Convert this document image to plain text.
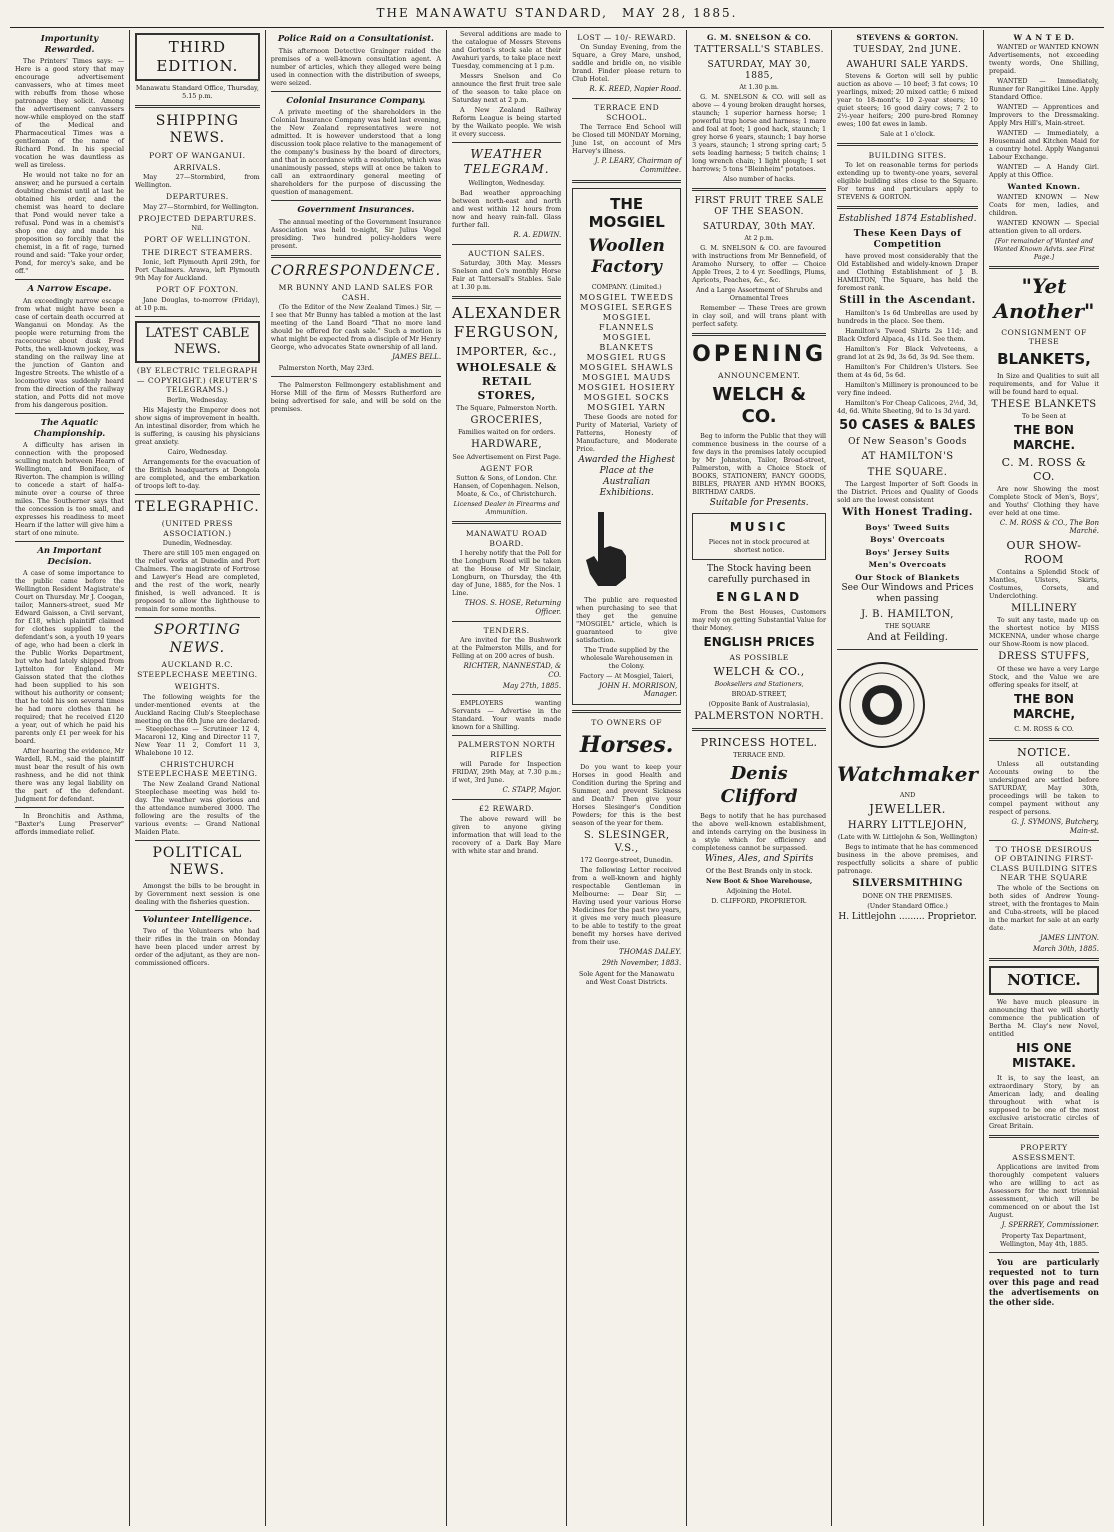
THE MANAWATU STANDARD, MAY 28, 1885.
Importunity Rewarded.

The Printers' Times says: — Here is a good story that may encourage advertisement canvassers, who at times meet with rebuffs from those whose patronage they solicit. Among the advertisement canvassers now-while employed on the staff of the Medical and Pharmaceutical Times was a gentleman of the name of Richard Pond. In his special vocation he was dauntless as well as tireless.

He would not take no for an answer, and he pursued a certain doubting chemist until at last he obtained his order, and the chemist was heard to declare that Pond would never take a refusal. Pond was in a chemist's shop one day and made his proposition so forcibly that the chemist, in a fit of rage, turned round and said: "Take your order, Pond, for mercy's sake, and be off."

A Narrow Escape.

An exceedingly narrow escape from what might have been a case of certain death occurred at Wanganui on Monday. As the people were returning from the racecourse about dusk Fred Potts, the well-known jockey, was standing on the railway line at the junction of Ganton and Ingestre Streets. The whistle of a locomotive was suddenly heard from the direction of the railway station, and Potts did not move from his dangerous position.

The Aquatic Championship.

A difficulty has arisen in connection with the proposed sculling match between Hearn of Wellington, and Boniface, of Riverton. The champion is willing to concede a start of half-a-minute over a course of three miles. The Southerner says that the concession is too small, and expresses his readiness to meet Hearn if the latter will give him a start of one minute.

An Important Decision.

A case of some importance to the public came before the Wellington Resident Magistrate's Court on Thursday. Mr J. Coogan, tailor, Manners-street, sued Mr Edward Gaisson, a Civil servant, for £18, which plaintiff claimed for clothes supplied to the defendant's son, a youth 19 years of age, who had been a clerk in the Public Works Department, but who had lately shipped from Lyttelton for England. Mr Gaisson stated that the clothes had been supplied to his son without his authority or consent; that he told his son several times he had more clothes than he required; that he received £120 a year, out of which he paid his parents only £1 per week for his board.

After hearing the evidence, Mr Wardell, R.M., said the plaintiff must bear the result of his own rashness, and he did not think there was any legal liability on the part of the defendant. Judgment for defendant.

In Bronchitis and Asthma, "Baxter's Lung Preserver" affords immediate relief.

THIRD EDITION.

Manawatu Standard Office, Thursday, 5.15 p.m.

SHIPPING NEWS.
PORT OF WANGANUI.
ARRIVALS.

May 27—Stormbird, from Wellington.

DEPARTURES.

May 27—Stormbird, for Wellington.

PROJECTED DEPARTURES.

Nil.

PORT OF WELLINGTON.
THE DIRECT STEAMERS.

Ionic, left Plymouth April 29th, for Port Chalmers. Arawa, left Plymouth 9th May for Auckland.

PORT OF FOXTON.

Jane Douglas, to-morrow (Friday), at 10 p.m.

LATEST CABLE NEWS.
(BY ELECTRIC TELEGRAPH — COPYRIGHT.) (REUTER'S TELEGRAMS.)

Berlin, Wednesday.

His Majesty the Emperor does not show signs of improvement in health. An intestinal disorder, from which he is suffering, is causing his physicians great anxiety.

Cairo, Wednesday.

Arrangements for the evacuation of the British headquarters at Dongola are completed, and the embarkation of troops left to-day.

TELEGRAPHIC.
(UNITED PRESS ASSOCIATION.)

Dunedin, Wednesday.

There are still 105 men engaged on the relief works at Dunedin and Port Chalmers. The magistrate of Fortrose and Lawyer's Head are completed, and the rest of the work, nearly finished, is well advanced. It is proposed to allow the lighthouse to remain for some months.

SPORTING NEWS.
AUCKLAND R.C. STEEPLECHASE MEETING.
WEIGHTS.

The following weights for the under-mentioned events at the Auckland Racing Club's Steeplechase meeting on the 6th June are declared: — Steeplechase — Scrutineer 12 4, Macaroni 12, King and Director 11 7, New Year 11 2, Comfort 11 3, Whalebone 10 12.

CHRISTCHURCH STEEPLECHASE MEETING.

The New Zealand Grand National Steeplechase meeting was held to-day. The weather was glorious and the attendance numbered 3000. The following are the results of the various events: — Grand National Maiden Plate.

POLITICAL NEWS.

Amongst the bills to be brought in by Government next session is one dealing with the fisheries question.

Volunteer Intelligence.

Two of the Volunteers who had their rifles in the train on Monday have been placed under arrest by order of the adjutant, as they are non-commissioned officers.

Police Raid on a Consultationist.

This afternoon Detective Grainger raided the premises of a well-known consultation agent. A number of articles, which they alleged were being used in connection with the distribution of sweeps, were seized.

Colonial Insurance Company.

A private meeting of the shareholders in the Colonial Insurance Company was held last evening, the New Zealand representatives were not admitted. It is however understood that a long discussion took place relative to the management of the company's business by the board of directors, and that in accordance with a resolution, which was unanimously passed, steps will at once be taken to call an extraordinary general meeting of shareholders for the purpose of discussing the question of management.

Government Insurances.

The annual meeting of the Government Insurance Association was held to-night, Sir Julius Vogel presiding. Two hundred policy-holders were present.

CORRESPONDENCE.
MR BUNNY AND LAND SALES FOR CASH.

(To the Editor of the New Zealand Times.) Sir, — I see that Mr Bunny has tabled a motion at the last meeting of the Land Board "That no more land should be offered for cash sale." Such a motion is what might be expected from a disciple of Mr Henry George, who advocates State ownership of all land.

JAMES BELL.

Palmerston North, May 23rd.

The Palmerston Fellmongery establishment and Horse Mill of the firm of Messrs Rutherford are being advertised for sale, and will be sold on the premises.

Several additions are made to the catalogue of Messrs Stevens and Gorton's stock sale at their Awahuri yards, to take place next Tuesday, commencing at 1 p.m.

Messrs Snelson and Co announce the first fruit tree sale of the season to take place on Saturday next at 2 p.m.

A New Zealand Railway Reform League is being started by the Waikato people. We wish it every success.

WEATHER TELEGRAM.

Wellington, Wednesday.

Bad weather approaching between north-east and north and west within 12 hours from now and heavy rain-fall. Glass further fall.

R. A. EDWIN.

AUCTION SALES.

Saturday, 30th May. Messrs Snelson and Co's monthly Horse Fair at Tattersall's Stables. Sale at 1.30 p.m.

ALEXANDER FERGUSON,
IMPORTER, &c.,
WHOLESALE & RETAIL STORES,

The Square, Palmerston North.

GROCERIES,

Families waited on for orders.

HARDWARE,

See Advertisement on First Page.

AGENT FOR

Sutton & Sons, of London. Chr. Hansen, of Copenhagen. Nelson, Moate, & Co., of Christchurch.

Licensed Dealer in Firearms and Ammunition.

MANAWATU ROAD BOARD.

I hereby notify that the Poll for the Longburn Road will be taken at the House of Mr Sinclair, Longburn, on Thursday, the 4th day of June, 1885, for the Nos. 1 Line.

THOS. S. HOSE, Returning Officer.

TENDERS.

Are invited for the Bushwork at the Palmerston Mills, and for Felling at on 200 acres of bush.

RICHTER, NANNESTAD, & CO.

May 27th, 1885.

EMPLOYERS wanting Servants — Advertise in the Standard. Your wants made known for a Shilling.

PALMERSTON NORTH RIFLES

will Parade for Inspection FRIDAY, 29th May, at 7.30 p.m.; if wet, 3rd June.

C. STAPP, Major.

£2 REWARD.

The above reward will be given to anyone giving information that will lead to the recovery of a Dark Bay Mare with white star and brand.

LOST — 10/- REWARD.

On Sunday Evening, from the Square, a Grey Mare, unshod, saddle and bridle on, no visible brand. Finder please return to Club Hotel.

R. K. REED, Napier Road.

TERRACE END SCHOOL.

The Terrace End School will be Closed till MONDAY Morning, June 1st, on account of Mrs Harvey's illness.

J. P. LEARY, Chairman of Committee.

THE MOSGIEL
Woollen Factory

COMPANY. (Limited.)

MOSGIEL TWEEDS
MOSGIEL SERGES
MOSGIEL FLANNELS
MOSGIEL BLANKETS
MOSGIEL RUGS
MOSGIEL SHAWLS
MOSGIEL MAUDS
MOSGIEL HOSIERY
MOSGIEL SOCKS
MOSGIEL YARN

These Goods are noted for Purity of Material, Variety of Patterns, Honesty of Manufacture, and Moderate Price.

Awarded the Highest Place at the Australian Exhibitions.

The public are requested when purchasing to see that they get the genuine "MOSGIEL" article, which is guaranteed to give satisfaction.

The Trade supplied by the wholesale Warehousemen in the Colony.

Factory — At Mosgiel, Taieri,

JOHN H. MORRISON, Manager.

TO OWNERS OF
Horses.

Do you want to keep your Horses in good Health and Condition during the Spring and Summer, and prevent Sickness and Death? Then give your Horses Slesinger's Condition Powders; for this is the best season of the year for them.

S. SLESINGER, V.S.,

172 George-street, Dunedin.

The following Letter received from a well-known and highly respectable Gentleman in Melbourne: — Dear Sir, — Having used your various Horse Medicines for the past two years, it gives me very much pleasure to be able to testify to the great benefit my horses have derived from their use.

THOMAS DALEY.

29th November, 1883.

Sole Agent for the Manawatu and West Coast Districts.

G. M. SNELSON & CO.
TATTERSALL'S STABLES.
SATURDAY, MAY 30, 1885,

At 1.30 p.m.

G. M. SNELSON & CO. will sell as above — 4 young broken draught horses, staunch; 1 superior harness horse; 1 powerful trap horse and harness; 1 mare and foal at foot; 1 good hack, staunch; 1 grey horse 6 years, staunch; 1 bay horse 3 years, staunch; 1 strong spring cart; 5 sets leading harness; 5 twitch chains; 1 long wrench chain; 1 light plough; 1 set harrows; 5 tons "Bleinheim" potatoes.

Also number of hacks.

FIRST FRUIT TREE SALE OF THE SEASON.
SATURDAY, 30th MAY.

At 2 p.m.

G. M. SNELSON & CO. are favoured with instructions from Mr Bennefield, of Aramoho Nursery, to offer — Choice Apple Trees, 2 to 4 yr. Seedlings, Plums, Apricots, Peaches, &c., &c.

And a Large Assortment of Shrubs and Ornamental Trees

Remember — These Trees are grown in clay soil, and will trans plant with perfect safety.

OPENING
ANNOUNCEMENT.
WELCH & CO.

Beg to inform the Public that they will commence business in the course of a few days in the premises lately occupied by Mr Johnston, Tailor, Broad-street, Palmerston, with a Choice Stock of BOOKS, STATIONERY, FANCY GOODS, BIBLES, PRAYER AND HYMN BOOKS, BIRTHDAY CARDS.

Suitable for Presents.

MUSIC

Pieces not in stock procured at shortest notice.

The Stock having been carefully purchased in

ENGLAND

From the Best Houses, Customers may rely on getting Substantial Value for their Money.

ENGLISH PRICES
AS POSSIBLE
WELCH & CO.,

Booksellers and Stationers,

BROAD-STREET,

(Opposite Bank of Australasia),

PALMERSTON NORTH.
PRINCESS HOTEL.

TERRACE END.

Denis Clifford

Begs to notify that he has purchased the above well-known establishment, and intends carrying on the business in a style which for efficiency and completeness cannot be surpassed.

Wines, Ales, and Spirits

Of the Best Brands only in stock.

New Boot & Shoe Warehouse,

Adjoining the Hotel.

D. CLIFFORD, PROPRIETOR.

STEVENS & GORTON.
TUESDAY, 2nd JUNE.
AWAHURI SALE YARDS.

Stevens & Gorton will sell by public auction as above — 10 beef; 3 fat cows; 10 yearlings, mixed; 20 mixed cattle; 6 mixed year to 18-mont's; 10 2-year steers; 10 quiet steers; 16 good dairy cows; 7 2 to 2½-year heifers; 200 pure-bred Romney ewes; 100 fat ewes in lamb.

Sale at 1 o'clock.

BUILDING SITES.

To let on reasonable terms for periods extending up to twenty-one years, several eligible building sites close to the Square. For terms and particulars apply to STEVENS & GORTON.

Established 1874 Established.

These Keen Days of Competition

have proved most considerably that the Old Established and widely-known Draper and Clothing Establishment of J. B. HAMILTON, The Square, has held the foremost rank.

Still in the Ascendant.

Hamilton's 1s 6d Umbrellas are used by hundreds in the place. See them.

Hamilton's Tweed Shirts 2s 11d; and Black Oxford Alpaca, 4s 11d. See them.

Hamilton's For Black Velveteens, a grand lot at 2s 9d, 3s 6d, 3s 9d. See them.

Hamilton's For Children's Ulsters. See them at 4s 6d, 5s 6d.

Hamilton's Millinery is pronounced to be very fine indeed.

Hamilton's For Cheap Calicoes, 2½d, 3d, 4d, 6d. White Sheeting, 9d to 1s 3d yard.

50 CASES & BALES
Of New Season's Goods
AT HAMILTON'S
THE SQUARE.

The Largest Importer of Soft Goods in the District. Prices and Quality of Goods sold are the lowest consistent

With Honest Trading.
Boys' Tweed Suits
Boys' Overcoats
Boys' Jersey Suits
Men's Overcoats
Our Stock of Blankets

See Our Windows and Prices when passing

J. B. HAMILTON,

THE SQUARE

And at Feilding.

Watchmaker

AND

JEWELLER.
HARRY LITTLEJOHN,

(Late with W. Littlejohn & Son, Wellington)

Begs to intimate that he has commenced business in the above premises, and respectfully solicits a share of public patronage.

SILVERSMITHING

DONE ON THE PREMISES.

(Under Standard Office.)

H. Littlejohn ......... Proprietor.

W A N T E D.

WANTED or WANTED KNOWN Advertisements, not exceeding twenty words, One Shilling, prepaid.

WANTED — Immediately, Runner for Rangitikei Line. Apply Standard Office.

WANTED — Apprentices and Improvers to the Dressmaking. Apply Mrs Hill's, Main-street.

WANTED — Immediately, a Housemaid and Kitchen Maid for a country hotel. Apply Wanganui Labour Exchange.

WANTED — A Handy Girl. Apply at this Office.

Wanted Known.

WANTED KNOWN — New Coats for men, ladies, and children.

WANTED KNOWN — Special attention given to all orders.

[For remainder of Wanted and Wanted Known Advts. see First Page.]

"Yet Another"
CONSIGNMENT OF THESE
BLANKETS,

In Size and Qualities to suit all requirements, and for Value it will be found hard to equal.

THESE BLANKETS

To be Seen at

THE BON MARCHE.
C. M. ROSS & CO.

Are now Showing the most Complete Stock of Men's, Boys', and Youths' Clothing they have ever held at one time.

C. M. ROSS & CO., The Bon Marché.

OUR SHOW-ROOM

Contains a Splendid Stock of Mantles, Ulsters, Skirts, Costumes, Corsets, and Underclothing.

MILLINERY

To suit any taste, made up on the shortest notice by MISS MCKENNA, under whose charge our Show-Room is now placed.

DRESS STUFFS,

Of these we have a very Large Stock, and the Value we are offering speaks for itself, at

THE BON MARCHE,

C. M. ROSS & CO.

NOTICE.

Unless all outstanding Accounts owing to the undersigned are settled before SATURDAY, May 30th, proceedings will be taken to compel payment without any respect of persons.

G. J. SYMONS, Butchery, Main-st.

TO THOSE DESIROUS OF OBTAINING FIRST-CLASS BUILDING SITES NEAR THE SQUARE

The whole of the Sections on both sides of Andrew Young-street, with the frontages to Main and Cuba-streets, will be placed in the market for sale at an early date.

JAMES LINTON.

March 30th, 1885.

NOTICE.

We have much pleasure in announcing that we will shortly commence the publication of Bertha M. Clay's new Novel, entitled

HIS ONE MISTAKE.

It is, to say the least, an extraordinary Story, by an American lady, and dealing throughout with what is supposed to be one of the most exclusive aristocratic circles of Great Britain.

PROPERTY ASSESSMENT.

Applications are invited from thoroughly competent valuers who are willing to act as Assessors for the next triennial assessment, which will be commenced on or about the 1st August.

J. SPERREY, Commissioner.

Property Tax Department, Wellington, May 4th, 1885.

You are particularly requested not to turn over this page and read the advertisements on the other side.
